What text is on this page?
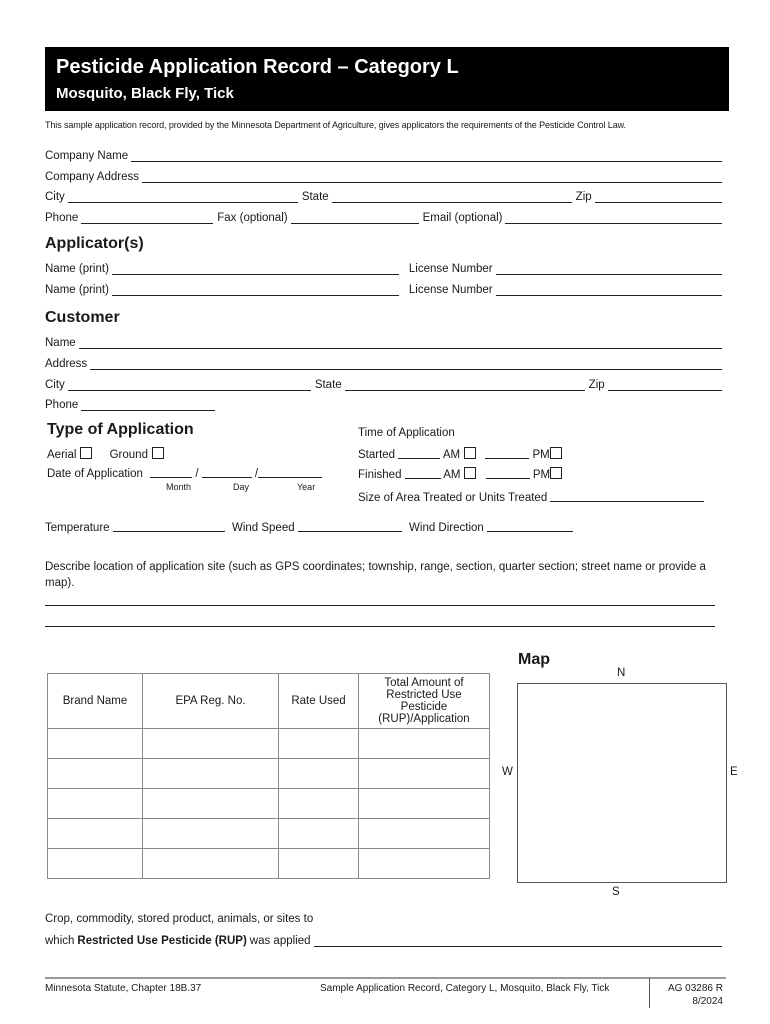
Pesticide Application Record – Category L
Mosquito, Black Fly, Tick
This sample application record, provided by the Minnesota Department of Agriculture, gives applicators the requirements of the Pesticide Control Law.
Company Name
Company Address
City	State	Zip
Phone	Fax (optional)	Email (optional)
Applicator(s)
Name (print)	License Number
Name (print)	License Number
Customer
Name
Address
City	State	Zip
Phone
Type of Application
Aerial	Ground
Date of Application	/	/
Month	Day	Year
Time of Application
Started	AM	PM
Finished	AM	PM
Size of Area Treated or Units Treated
Temperature	Wind Speed	Wind Direction
Describe location of application site (such as GPS coordinates; township, range, section, quarter section; street name or provide a map).
Brand Name	EPA Reg. No.	Rate Used	Total Amount of Restricted Use Pesticide (RUP)/Application

Map
N
W	E
S
Crop, commodity, stored product, animals, or sites to
which Restricted Use Pesticide (RUP) was applied
Minnesota Statute, Chapter 18B.37	Sample Application Record, Category L, Mosquito, Black Fly, Tick	AG 03286 R
8/2024
